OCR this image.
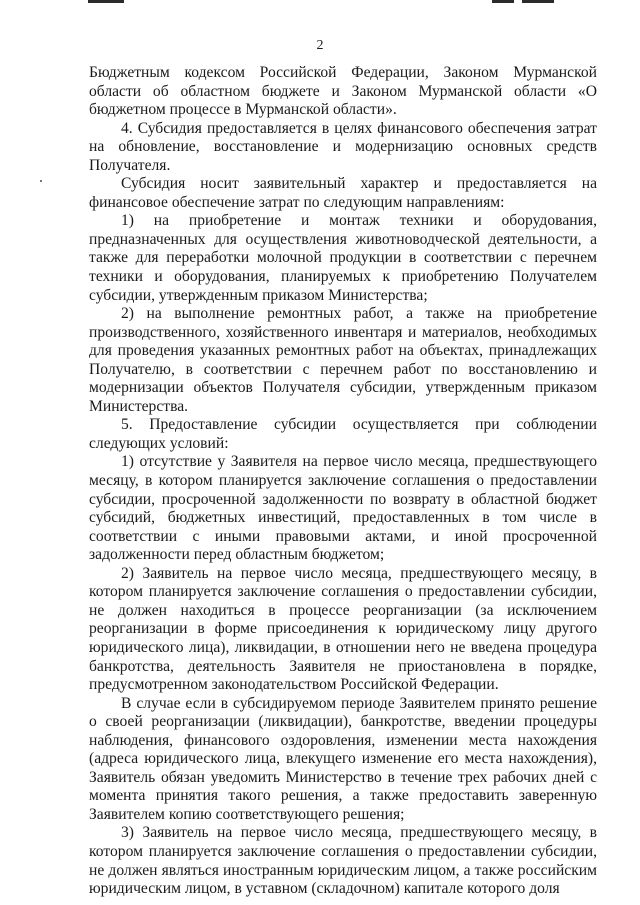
2

Бюджетным кодексом Российской Федерации, Законом Мурманской области об областном бюджете и Законом Мурманской области «О бюджетном процессе в Мурманской области».

4. Субсидия предоставляется в целях финансового обеспечения затрат на обновление, восстановление и модернизацию основных средств Получателя.

Субсидия носит заявительный характер и предоставляется на финансовое обеспечение затрат по следующим направлениям:

1) на приобретение и монтаж техники и оборудования, предназначенных для осуществления животноводческой деятельности, а также для переработки молочной продукции в соответствии с перечнем техники и оборудования, планируемых к приобретению Получателем субсидии, утвержденным приказом Министерства;

2) на выполнение ремонтных работ, а также на приобретение производственного, хозяйственного инвентаря и материалов, необходимых для проведения указанных ремонтных работ на объектах, принадлежащих Получателю, в соответствии с перечнем работ по восстановлению и модернизации объектов Получателя субсидии, утвержденным приказом Министерства.

5. Предоставление субсидии осуществляется при соблюдении следующих условий:

1) отсутствие у Заявителя на первое число месяца, предшествующего месяцу, в котором планируется заключение соглашения о предоставлении субсидии, просроченной задолженности по возврату в областной бюджет субсидий, бюджетных инвестиций, предоставленных в том числе в соответствии с иными правовыми актами, и иной просроченной задолженности перед областным бюджетом;

2) Заявитель на первое число месяца, предшествующего месяцу, в котором планируется заключение соглашения о предоставлении субсидии, не должен находиться в процессе реорганизации (за исключением реорганизации в форме присоединения к юридическому лицу другого юридического лица), ликвидации, в отношении него не введена процедура банкротства, деятельность Заявителя не приостановлена в порядке, предусмотренном законодательством Российской Федерации.

В случае если в субсидируемом периоде Заявителем принято решение о своей реорганизации (ликвидации), банкротстве, введении процедуры наблюдения, финансового оздоровления, изменении места нахождения (адреса юридического лица, влекущего изменение его места нахождения), Заявитель обязан уведомить Министерство в течение трех рабочих дней с момента принятия такого решения, а также предоставить заверенную Заявителем копию соответствующего решения;

3) Заявитель на первое число месяца, предшествующего месяцу, в котором планируется заключение соглашения о предоставлении субсидии, не должен являться иностранным юридическим лицом, а также российским юридическим лицом, в уставном (складочном) капитале которого доля
